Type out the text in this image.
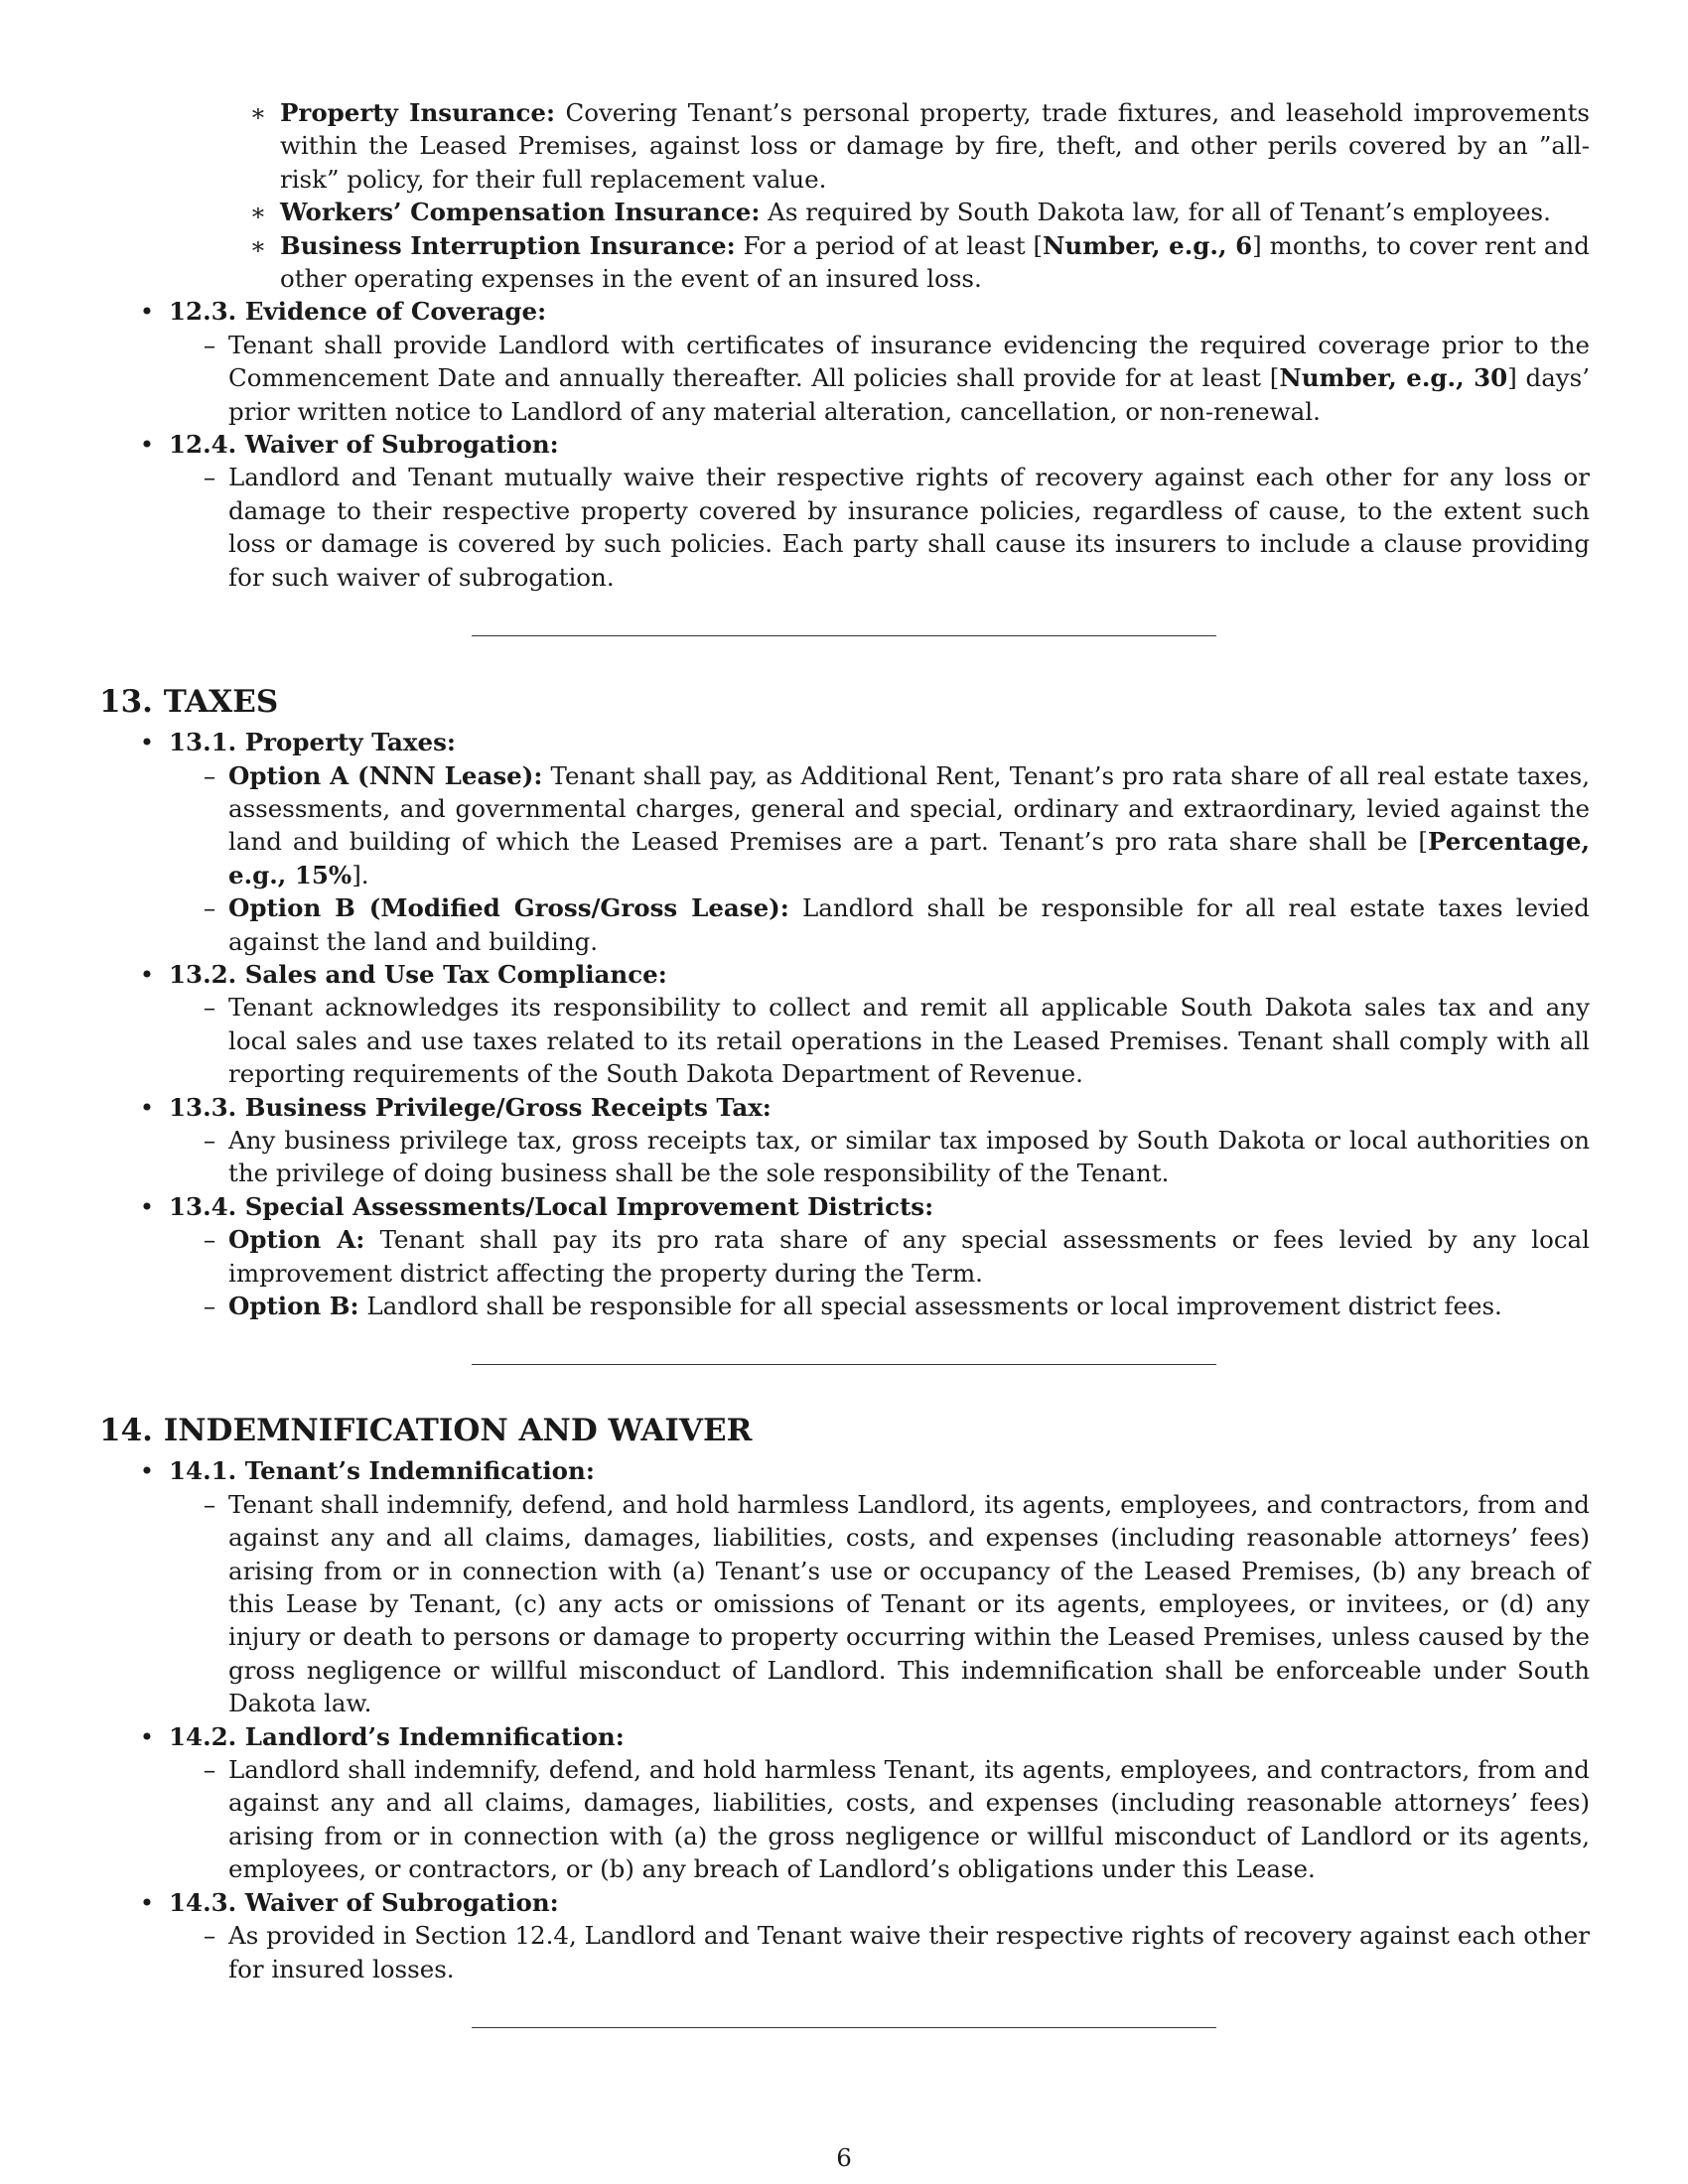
∗ Property Insurance: Covering Tenant’s personal property, trade fixtures, and leasehold improvements within the Leased Premises, against loss or damage by fire, theft, and other perils covered by an ”all-risk” policy, for their full replacement value.
∗ Workers’ Compensation Insurance: As required by South Dakota law, for all of Tenant’s employees.
∗ Business Interruption Insurance: For a period of at least [Number, e.g., 6] months, to cover rent and other operating expenses in the event of an insured loss.
• 12.3. Evidence of Coverage:
– Tenant shall provide Landlord with certificates of insurance evidencing the required coverage prior to the Commencement Date and annually thereafter. All policies shall provide for at least [Number, e.g., 30] days’ prior written notice to Landlord of any material alteration, cancellation, or non-renewal.
• 12.4. Waiver of Subrogation:
– Landlord and Tenant mutually waive their respective rights of recovery against each other for any loss or damage to their respective property covered by insurance policies, regardless of cause, to the extent such loss or damage is covered by such policies. Each party shall cause its insurers to include a clause providing for such waiver of subrogation.
13. TAXES
• 13.1. Property Taxes:
– Option A (NNN Lease): Tenant shall pay, as Additional Rent, Tenant’s pro rata share of all real estate taxes, assessments, and governmental charges, general and special, ordinary and extraordinary, levied against the land and building of which the Leased Premises are a part. Tenant’s pro rata share shall be [Percentage, e.g., 15%].
– Option B (Modified Gross/Gross Lease): Landlord shall be responsible for all real estate taxes levied against the land and building.
• 13.2. Sales and Use Tax Compliance:
– Tenant acknowledges its responsibility to collect and remit all applicable South Dakota sales tax and any local sales and use taxes related to its retail operations in the Leased Premises. Tenant shall comply with all reporting requirements of the South Dakota Department of Revenue.
• 13.3. Business Privilege/Gross Receipts Tax:
– Any business privilege tax, gross receipts tax, or similar tax imposed by South Dakota or local authorities on the privilege of doing business shall be the sole responsibility of the Tenant.
• 13.4. Special Assessments/Local Improvement Districts:
– Option A: Tenant shall pay its pro rata share of any special assessments or fees levied by any local improvement district affecting the property during the Term.
– Option B: Landlord shall be responsible for all special assessments or local improvement district fees.
14. INDEMNIFICATION AND WAIVER
• 14.1. Tenant’s Indemnification:
– Tenant shall indemnify, defend, and hold harmless Landlord, its agents, employees, and contractors, from and against any and all claims, damages, liabilities, costs, and expenses (including reasonable attorneys’ fees) arising from or in connection with (a) Tenant’s use or occupancy of the Leased Premises, (b) any breach of this Lease by Tenant, (c) any acts or omissions of Tenant or its agents, employees, or invitees, or (d) any injury or death to persons or damage to property occurring within the Leased Premises, unless caused by the gross negligence or willful misconduct of Landlord. This indemnification shall be enforceable under South Dakota law.
• 14.2. Landlord’s Indemnification:
– Landlord shall indemnify, defend, and hold harmless Tenant, its agents, employees, and contractors, from and against any and all claims, damages, liabilities, costs, and expenses (including reasonable attorneys’ fees) arising from or in connection with (a) the gross negligence or willful misconduct of Landlord or its agents, employees, or contractors, or (b) any breach of Landlord’s obligations under this Lease.
• 14.3. Waiver of Subrogation:
– As provided in Section 12.4, Landlord and Tenant waive their respective rights of recovery against each other for insured losses.
6
